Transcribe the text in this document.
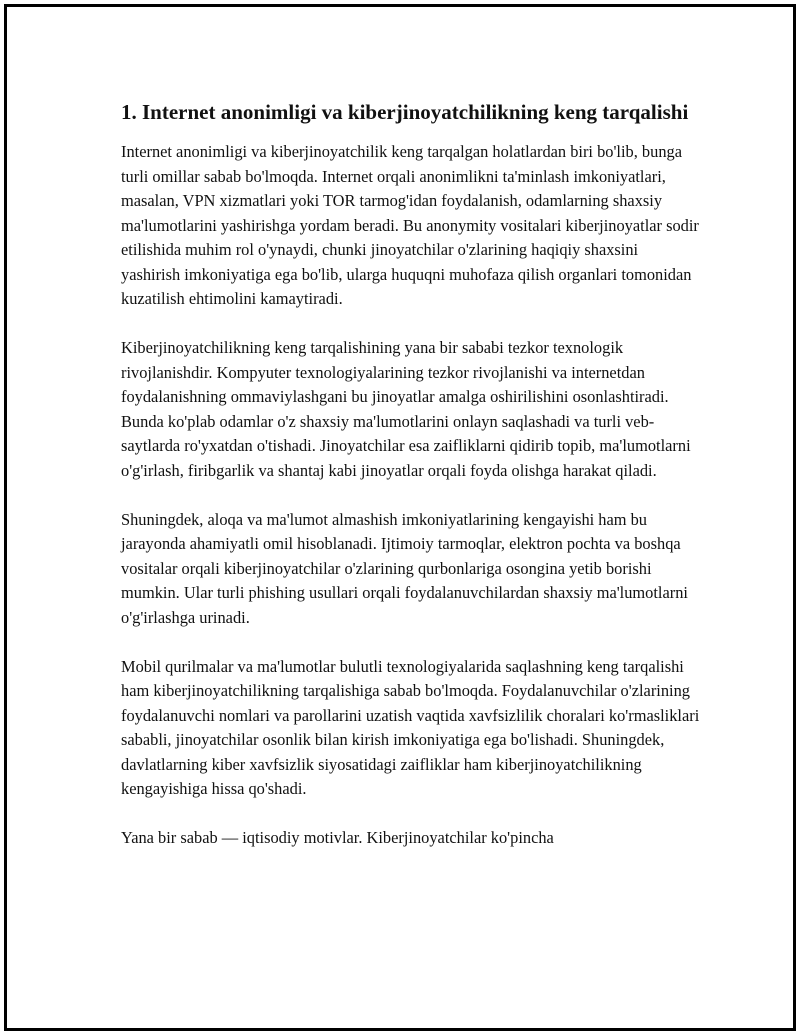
1. Internet anonimligi va kiberjinoyatchilikning keng tarqalishi

Internet anonimligi va kiberjinoyatchilik keng tarqalgan holatlardan biri bo'lib, bunga turli omillar sabab bo'lmoqda. Internet orqali anonimlikni ta'minlash imkoniyatlari, masalan, VPN xizmatlari yoki TOR tarmog'idan foydalanish, odamlarning shaxsiy ma'lumotlarini yashirishga yordam beradi. Bu anonymity vositalari kiberjinoyatlar sodir etilishida muhim rol o'ynaydi, chunki jinoyatchilar o'zlarining haqiqiy shaxsini yashirish imkoniyatiga ega bo'lib, ularga huquqni muhofaza qilish organlari tomonidan kuzatilish ehtimolini kamaytiradi.

Kiberjinoyatchilikning keng tarqalishining yana bir sababi tezkor texnologik rivojlanishdir. Kompyuter texnologiyalarining tezkor rivojlanishi va internetdan foydalanishning ommaviylashgani bu jinoyatlar amalga oshirilishini osonlashtiradi. Bunda ko'plab odamlar o'z shaxsiy ma'lumotlarini onlayn saqlashadi va turli veb-saytlarda ro'yxatdan o'tishadi. Jinoyatchilar esa zaifliklarni qidirib topib, ma'lumotlarni o'g'irlash, firibgarlik va shantaj kabi jinoyatlar orqali foyda olishga harakat qiladi.

Shuningdek, aloqa va ma'lumot almashish imkoniyatlarining kengayishi ham bu jarayonda ahamiyatli omil hisoblanadi. Ijtimoiy tarmoqlar, elektron pochta va boshqa vositalar orqali kiberjinoyatchilar o'zlarining qurbonlariga osongina yetib borishi mumkin. Ular turli phishing usullari orqali foydalanuvchilardan shaxsiy ma'lumotlarni o'g'irlashga urinadi.

Mobil qurilmalar va ma'lumotlar bulutli texnologiyalarida saqlashning keng tarqalishi ham kiberjinoyatchilikning tarqalishiga sabab bo'lmoqda. Foydalanuvchilar o'zlarining foydalanuvchi nomlari va parollarini uzatish vaqtida xavfsizlilik choralari ko'rmasliklari sababli, jinoyatchilar osonlik bilan kirish imkoniyatiga ega bo'lishadi. Shuningdek, davlatlarning kiber xavfsizlik siyosatidagi zaifliklar ham kiberjinoyatchilikning kengayishiga hissa qo'shadi.

Yana bir sabab — iqtisodiy motivlar. Kiberjinoyatchilar ko'pincha
